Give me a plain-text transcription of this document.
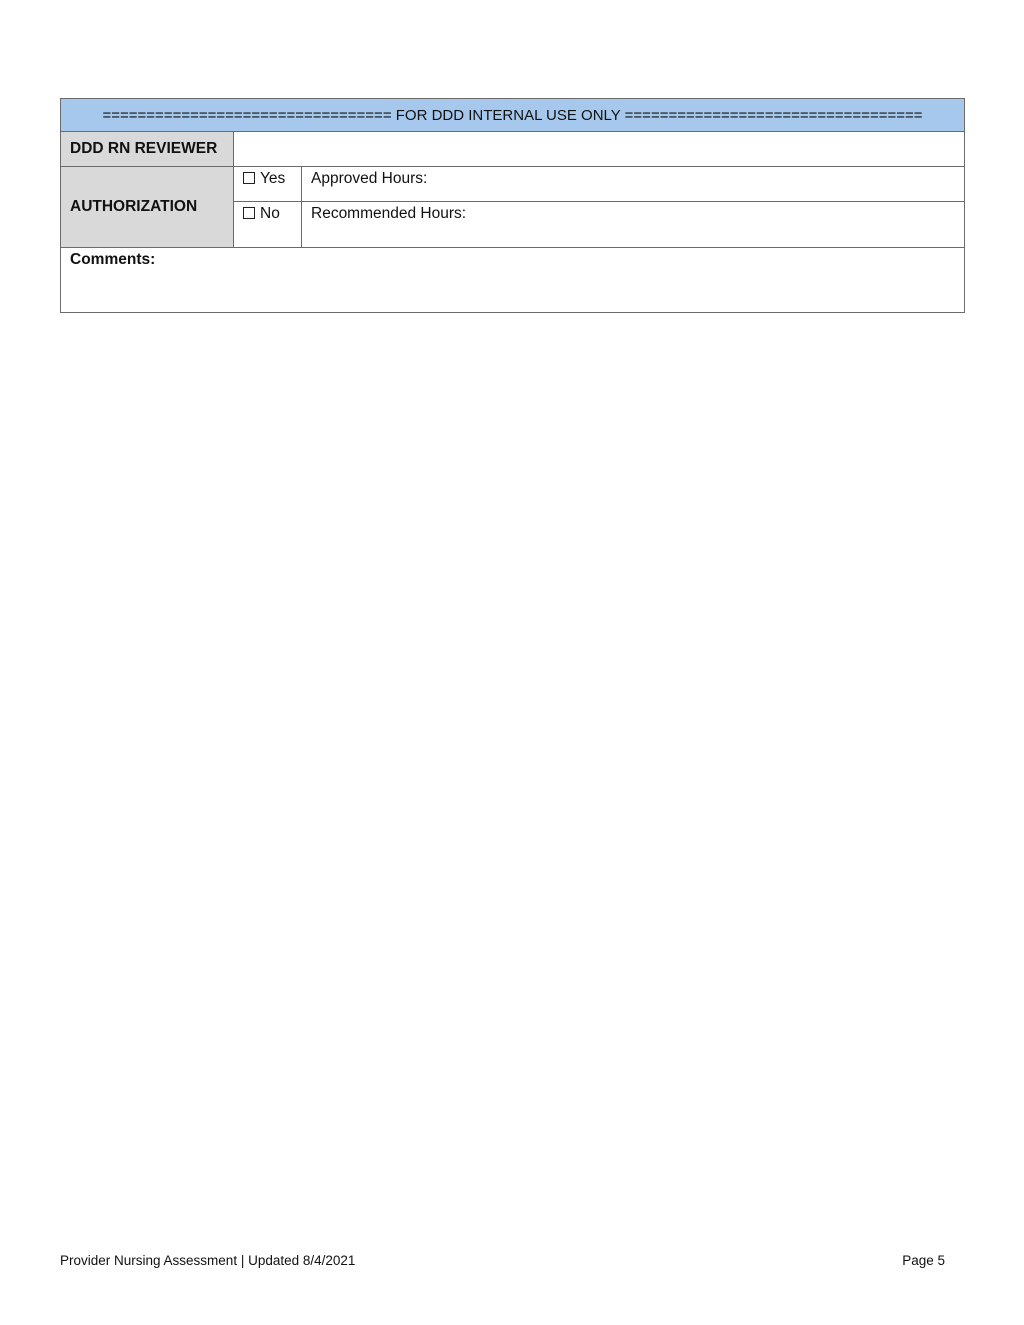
================================= FOR DDD INTERNAL USE ONLY ==================================		
DDD RN REVIEWER		
AUTHORIZATION	Yes	Approved Hours:
	No	Recommended Hours:
Comments:		
Provider Nursing Assessment | Updated 8/4/2021	Page 5
